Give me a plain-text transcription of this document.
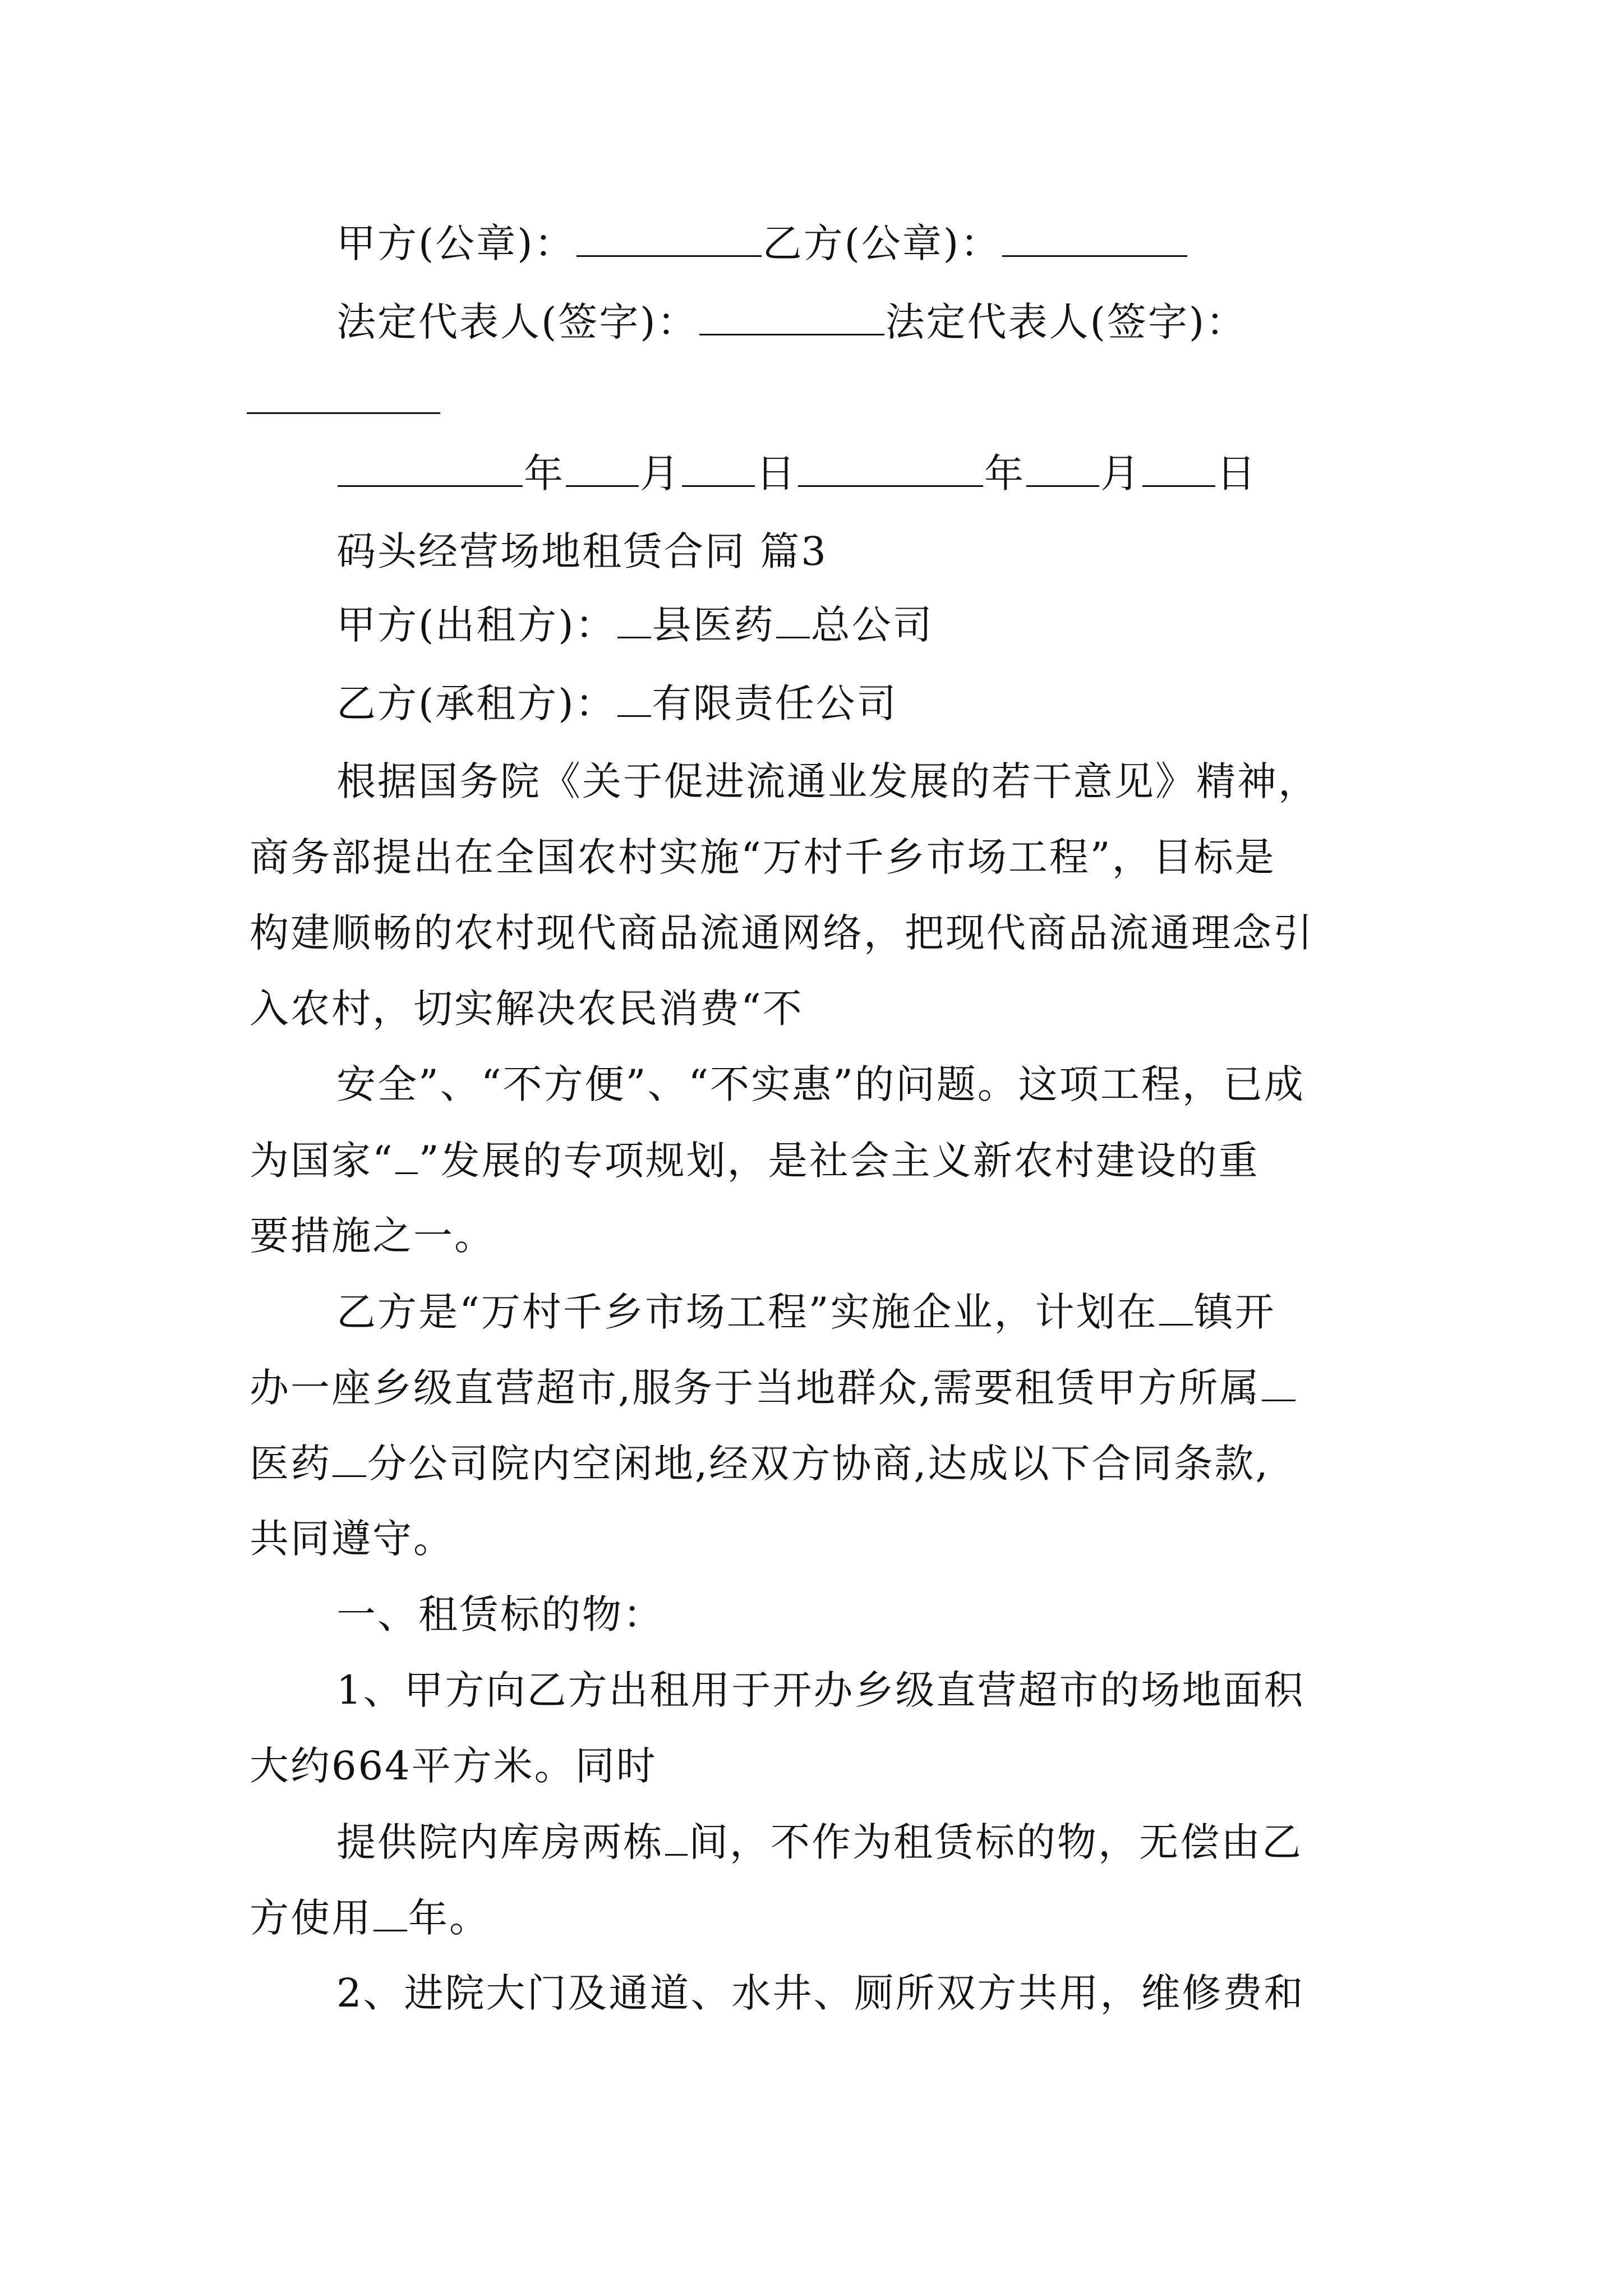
甲方(公章)：	乙方(公章)：
法定代表人(签字)：	法定代表人(签字)：
年 月 日	年 月 日
码头经营场地租赁合同 篇3
甲方(出租方)： 县医药 总公司
乙方(承租方)： 有限责任公司
根据国务院《关于促进流通业发展的若干意见》精神，
商务部提出在全国农村实施“万村千乡市场工程”，目标是
构建顺畅的农村现代商品流通网络，把现代商品流通理念引
入农村，切实解决农民消费“不
安全”、“不方便”、“不实惠”的问题。这项工程，已成
为国家“ ”发展的专项规划，是社会主义新农村建设的重
要措施之一。
乙方是“万村千乡市场工程”实施企业，计划在 镇开
办一座乡级直营超市,服务于当地群众,需要租赁甲方所属
医药 分公司院内空闲地,经双方协商,达成以下合同条款,
共同遵守。
一、租赁标的物：
1、甲方向乙方出租用于开办乡级直营超市的场地面积
大约664平方米。同时
提供院内库房两栋 间，不作为租赁标的物，无偿由乙
方使用 年。
2、进院大门及通道、水井、厕所双方共用，维修费和
